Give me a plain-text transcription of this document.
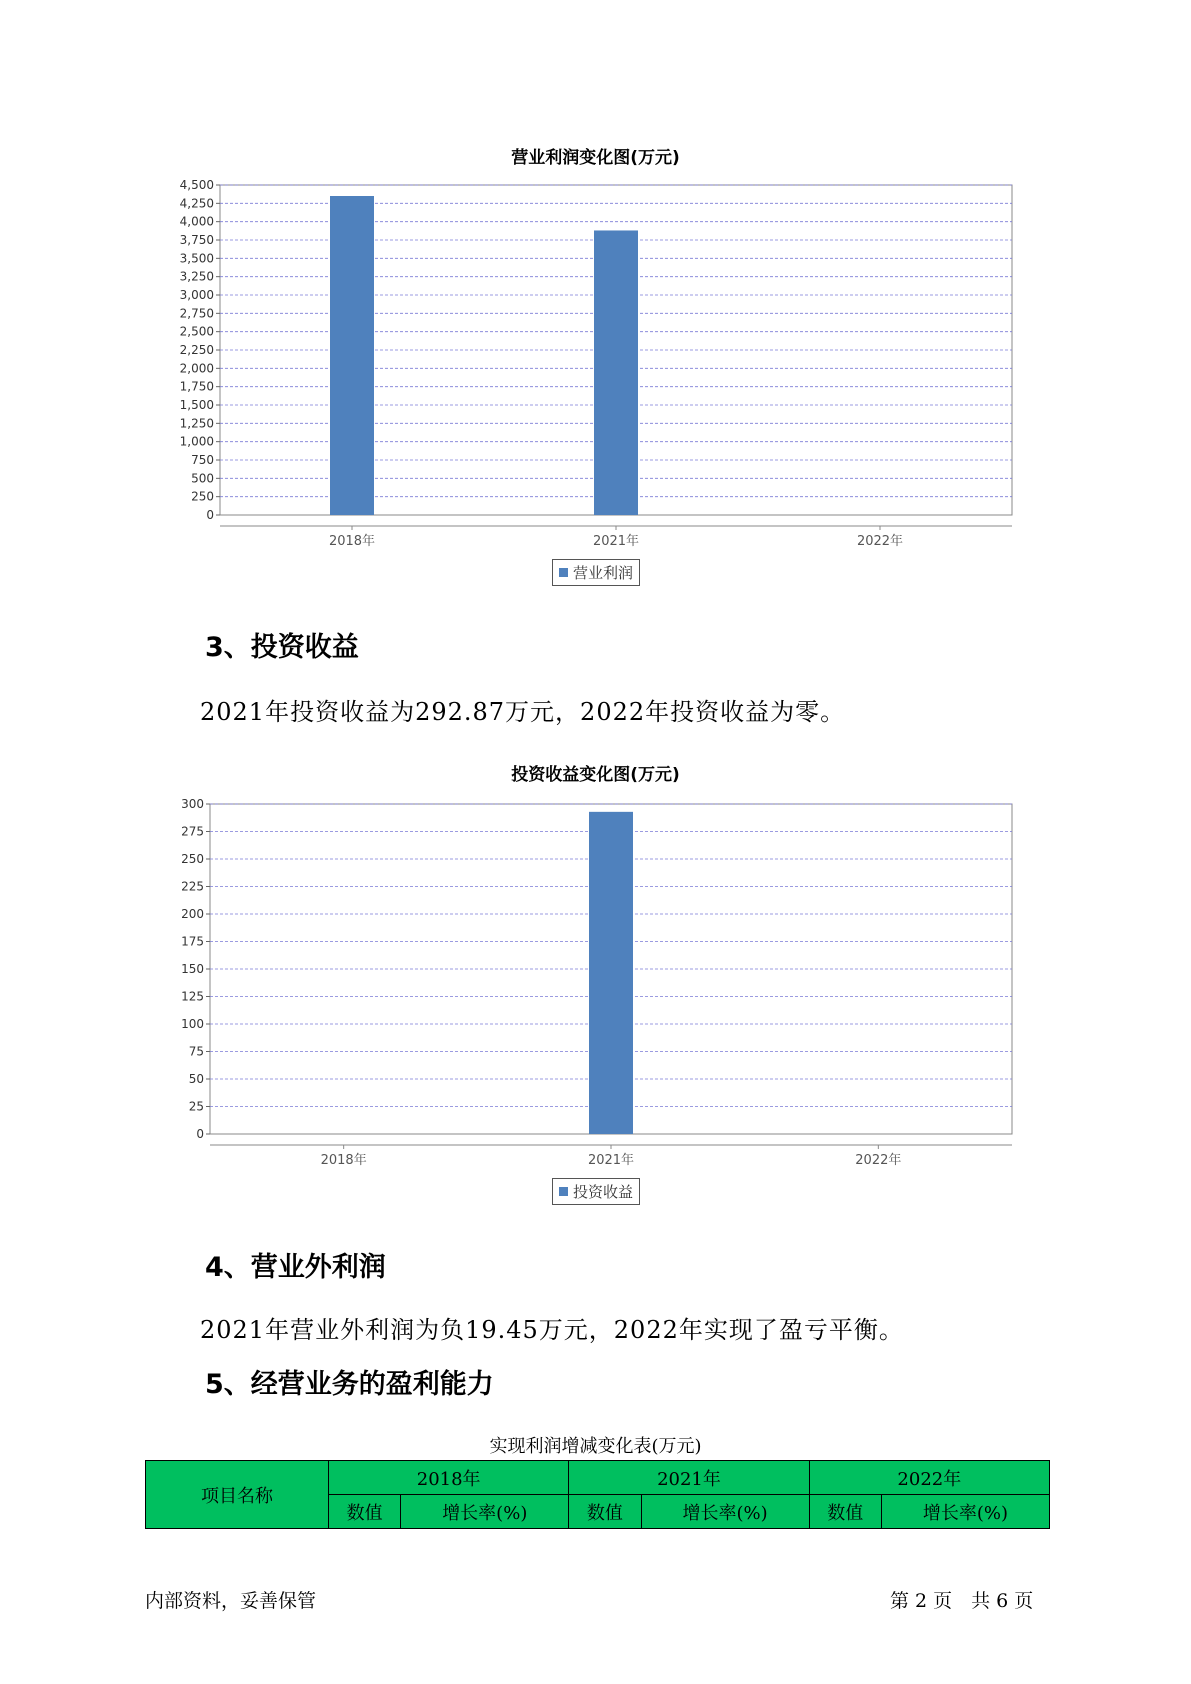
营业利润变化图(万元)
0
250
500
750
1,000
1,250
1,500
1,750
2,000
2,250
2,500
2,750
3,000
3,250
3,500
3,750
4,000
4,250
4,500
2018年	2021年	2022年
营业利润
3、投资收益
2021年投资收益为292.87万元，2022年投资收益为零。
投资收益变化图(万元)
0
25
50
75
100
125
150
175
200
225
250
275
300
2018年	2021年	2022年
投资收益
4、营业外利润
2021年营业外利润为负19.45万元，2022年实现了盈亏平衡。
5、经营业务的盈利能力
实现利润增减变化表(万元)
项目名称	2018年		2021年		2022年	
	数值	增长率(%)	数值	增长率(%)	数值	增长率(%)
内部资料，妥善保管	第 2 页　共 6 页
